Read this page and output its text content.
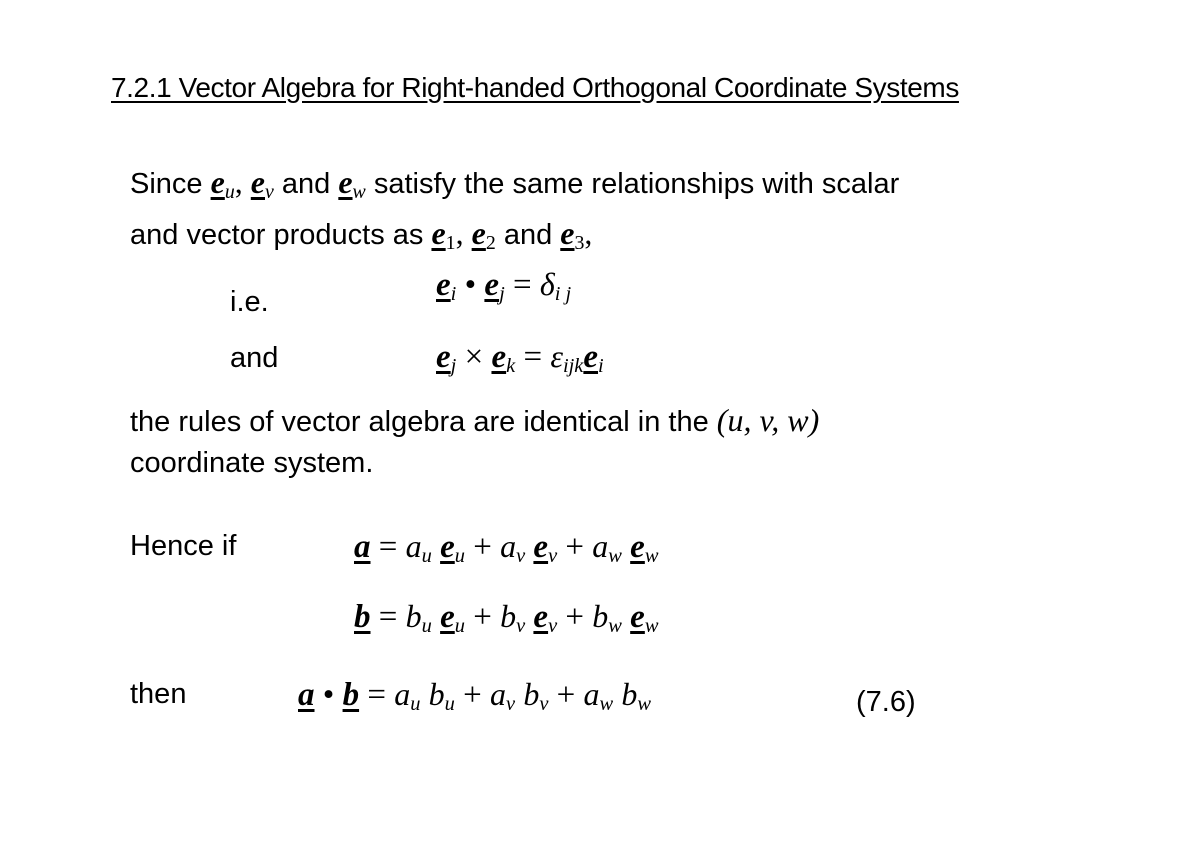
7.2.1 Vector Algebra for Right-handed Orthogonal Coordinate Systems
Since $e_u$, $e_v$ and $e_w$ satisfy the same relationships with scalar
and vector products as e1, e2 and e3,
i.e.	$e_i$ • $e_j = \delta_{i j}$
and	$e_j \times e_k = \varepsilon_{ijk}e_i$
the rules of vector algebra are identical in the (u, v, w)
coordinate system.
Hence if	$a = a_u$ $e_u + a_v$ $e_v + a_w$ $e_w$
$b = b_u$ $e_u + b_v$ $e_v + b_w$ $e_w$
then	a • $b = a_u$ $b_u + a_v$ $b_v + a_w$ $b_w$	(7.6)
